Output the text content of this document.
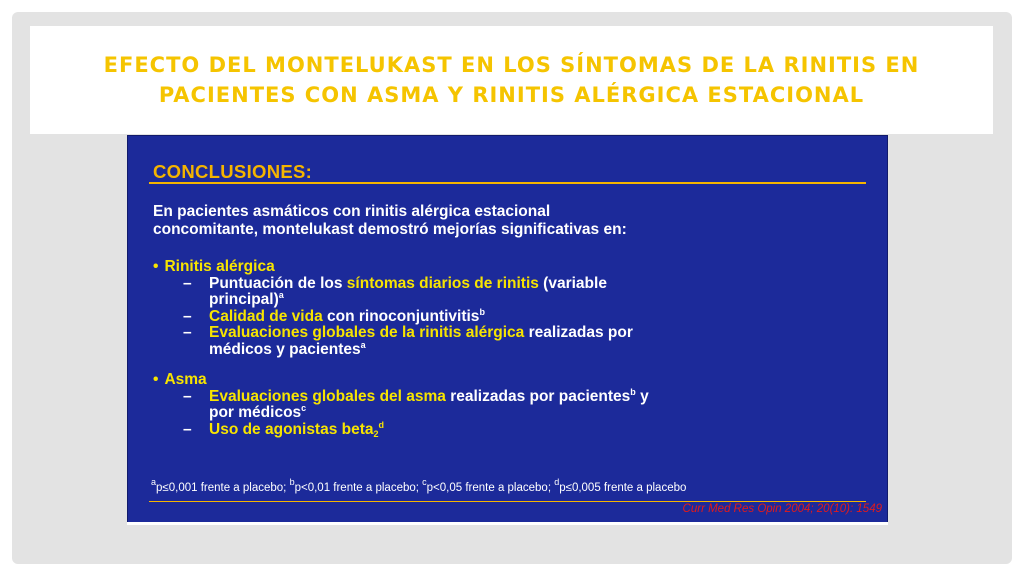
EFECTO DEL MONTELUKAST EN LOS SÍNTOMAS DE LA RINITIS EN
PACIENTES CON ASMA Y RINITIS ALÉRGICA ESTACIONAL
CONCLUSIONES:
En pacientes asmáticos con rinitis alérgica estacional
concomitante, montelukast demostró mejorías significativas en:
• Rinitis alérgica
– Puntuación de los síntomas diarios de rinitis (variable
principal)$^a$
– Calidad de vida con rinoconjuntivitis$^b$
– Evaluaciones globales de la rinitis alérgica realizadas por
médicos y pacientes$^a$
• Asma
– Evaluaciones globales del asma realizadas por pacientes$^b$ y
por médicos$^c$
– Uso de agonistas beta$_2^d$
$^a$p≤0,001 frente a placebo; $^b$p<0,01 frente a placebo; $^c$p<0,05 frente a placebo; $^d$p≤0,005 frente a placebo
Curr Med Res Opin 2004; 20(10): 1549
